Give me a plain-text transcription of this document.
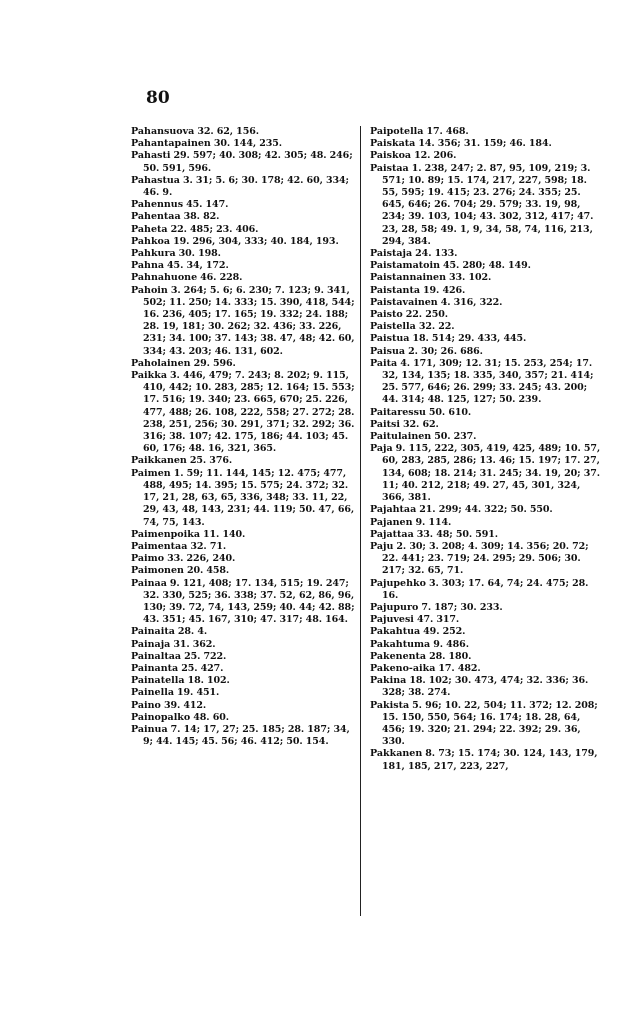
80

Pahansuova 32. 62, 156.

Pahantapainen 30. 144, 235.

Pahasti 29. 597; 40. 308; 42. 305; 48. 246; 50. 591, 596.

Pahastua 3. 31; 5. 6; 30. 178; 42. 60, 334; 46. 9.

Pahennus 45. 147.

Pahentaa 38. 82.

Paheta 22. 485; 23. 406.

Pahkoa 19. 296, 304, 333; 40. 184, 193.

Pahkura 30. 198.

Pahna 45. 34, 172.

Pahnahuone 46. 228.

Pahoin 3. 264; 5. 6; 6. 230; 7. 123; 9. 341, 502; 11. 250; 14. 333; 15. 390, 418, 544; 16. 236, 405; 17. 165; 19. 332; 24. 188; 28. 19, 181; 30. 262; 32. 436; 33. 226, 231; 34. 100; 37. 143; 38. 47, 48; 42. 60, 334; 43. 203; 46. 131, 602.

Paholainen 29. 596.

Paikka 3. 446, 479; 7. 243; 8. 202; 9. 115, 410, 442; 10. 283, 285; 12. 164; 15. 553; 17. 516; 19. 340; 23. 665, 670; 25. 226, 477, 488; 26. 108, 222, 558; 27. 272; 28. 238, 251, 256; 30. 291, 371; 32. 292; 36. 316; 38. 107; 42. 175, 186; 44. 103; 45. 60, 176; 48. 16, 321, 365.

Paikkanen 25. 376.

Paimen 1. 59; 11. 144, 145; 12. 475; 477, 488, 495; 14. 395; 15. 575; 24. 372; 32. 17, 21, 28, 63, 65, 336, 348; 33. 11, 22, 29, 43, 48, 143, 231; 44. 119; 50. 47, 66, 74, 75, 143.

Paimenpoika 11. 140.

Paimentaa 32. 71.

Paimo 33. 226, 240.

Paimonen 20. 458.

Painaa 9. 121, 408; 17. 134, 515; 19. 247; 32. 330, 525; 36. 338; 37. 52, 62, 86, 96, 130; 39. 72, 74, 143, 259; 40. 44; 42. 88; 43. 351; 45. 167, 310; 47. 317; 48. 164.

Painaita 28. 4.

Painaja 31. 362.

Painaltaa 25. 722.

Painanta 25. 427.

Painatella 18. 102.

Painella 19. 451.

Paino 39. 412.

Painopalko 48. 60.

Painua 7. 14; 17, 27; 25. 185; 28. 187; 34, 9; 44. 145; 45. 56; 46. 412; 50. 154.

Paipotella 17. 468.

Paiskata 14. 356; 31. 159; 46. 184.

Paiskoa 12. 206.

Paistaa 1. 238, 247; 2. 87, 95, 109, 219; 3. 571; 10. 89; 15. 174, 217, 227, 598; 18. 55, 595; 19. 415; 23. 276; 24. 355; 25. 645, 646; 26. 704; 29. 579; 33. 19, 98, 234; 39. 103, 104; 43. 302, 312, 417; 47. 23, 28, 58; 49. 1, 9, 34, 58, 74, 116, 213, 294, 384.

Paistaja 24. 133.

Paistamatoin 45. 280; 48. 149.

Paistannainen 33. 102.

Paistanta 19. 426.

Paistavainen 4. 316, 322.

Paisto 22. 250.

Paistella 32. 22.

Paistua 18. 514; 29. 433, 445.

Paisua 2. 30; 26. 686.

Paita 4. 171, 309; 12. 31; 15. 253, 254; 17. 32, 134, 135; 18. 335, 340, 357; 21. 414; 25. 577, 646; 26. 299; 33. 245; 43. 200; 44. 314; 48. 125, 127; 50. 239.

Paitaressu 50. 610.

Paitsi 32. 62.

Paitulainen 50. 237.

Paja 9. 115, 222, 305, 419, 425, 489; 10. 57, 60, 283, 285, 286; 13. 46; 15. 197; 17. 27, 134, 608; 18. 214; 31. 245; 34. 19, 20; 37. 11; 40. 212, 218; 49. 27, 45, 301, 324, 366, 381.

Pajahtaa 21. 299; 44. 322; 50. 550.

Pajanen 9. 114.

Pajattaa 33. 48; 50. 591.

Paju 2. 30; 3. 208; 4. 309; 14. 356; 20. 72; 22. 441; 23. 719; 24. 295; 29. 506; 30. 217; 32. 65, 71.

Pajupehko 3. 303; 17. 64, 74; 24. 475; 28. 16.

Pajupuro 7. 187; 30. 233.

Pajuvesi 47. 317.

Pakahtua 49. 252.

Pakahtuma 9. 486.

Pakenenta 28. 180.

Pakeno-aika 17. 482.

Pakina 18. 102; 30. 473, 474; 32. 336; 36. 328; 38. 274.

Pakista 5. 96; 10. 22, 504; 11. 372; 12. 208; 15. 150, 550, 564; 16. 174; 18. 28, 64, 456; 19. 320; 21. 294; 22. 392; 29. 36, 330.

Pakkanen 8. 73; 15. 174; 30. 124, 143, 179, 181, 185, 217, 223, 227,
